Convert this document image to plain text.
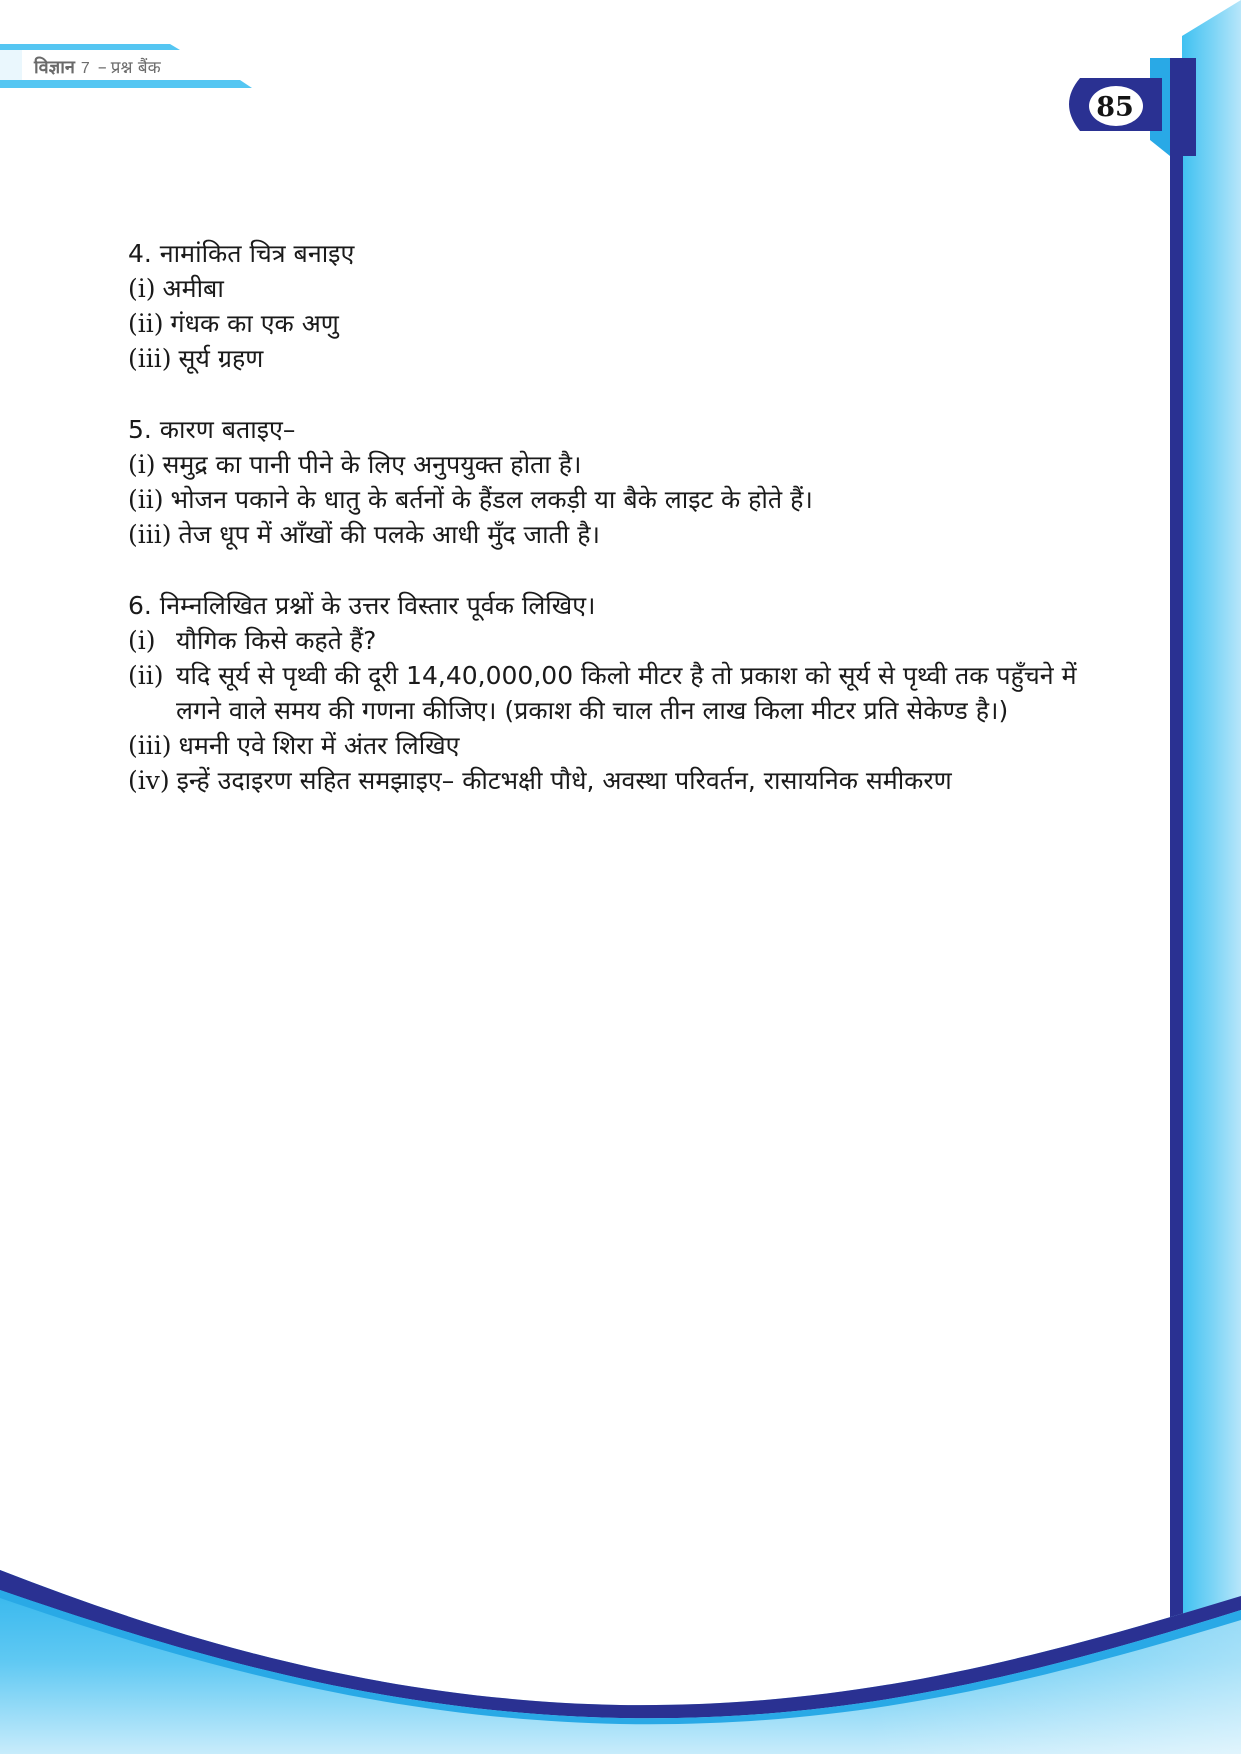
विज्ञान 7 – प्रश्न बैंक
85
4. नामांकित चित्र बनाइए
(i) अमीबा
(ii) गंधक का एक अणु
(iii) सूर्य ग्रहण
5. कारण बताइए–
(i) समुद्र का पानी पीने के लिए अनुपयुक्त होता है।
(ii) भोजन पकाने के धातु के बर्तनों के हैंडल लकड़ी या बैके लाइट के होते हैं।
(iii) तेज धूप में आँखों की पलके आधी मुँद जाती है।
6. निम्नलिखित प्रश्नों के उत्तर विस्तार पूर्वक लिखिए।
(i) यौगिक किसे कहते हैं?
(ii) यदि सूर्य से पृथ्वी की दूरी 14,40,000,00 किलो मीटर है तो प्रकाश को सूर्य से पृथ्वी तक पहुँचने में
लगने वाले समय की गणना कीजिए। (प्रकाश की चाल तीन लाख किला मीटर प्रति सेकेण्ड है।)
(iii) धमनी एवे शिरा में अंतर लिखिए
(iv) इन्हें उदाइरण सहित समझाइए– कीटभक्षी पौधे, अवस्था परिवर्तन, रासायनिक समीकरण
